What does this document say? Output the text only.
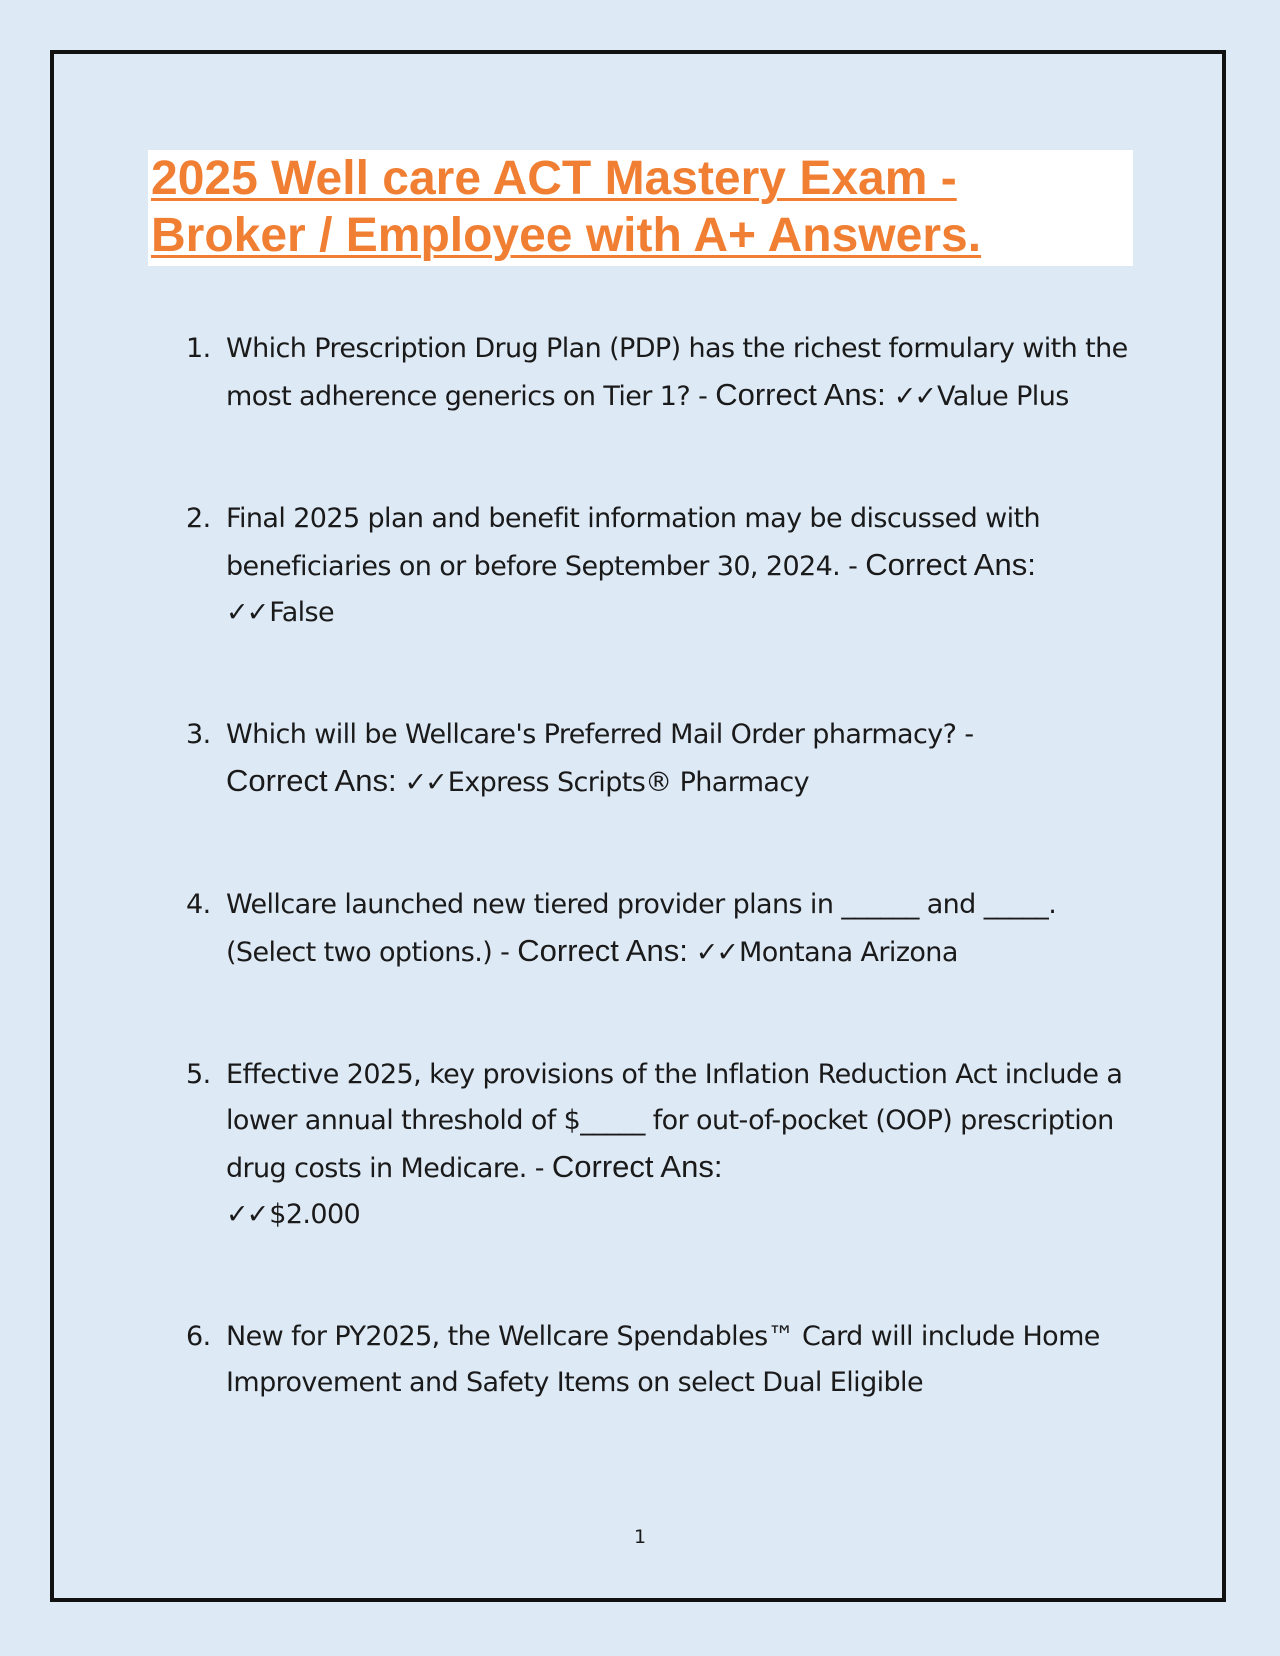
2025 Well care ACT Mastery Exam -
Broker / Employee with A+ Answers.
1. Which Prescription Drug Plan (PDP) has the richest formulary with the most adherence generics on Tier 1? - Correct Ans: ✓✓Value Plus
2. Final 2025 plan and benefit information may be discussed with beneficiaries on or before September 30, 2024. - Correct Ans:
✓✓False
3. Which will be Wellcare's Preferred Mail Order pharmacy? -
Correct Ans: ✓✓Express Scripts® Pharmacy
4. Wellcare launched new tiered provider plans in ______ and _____. (Select two options.) - Correct Ans: ✓✓Montana Arizona
5. Effective 2025, key provisions of the Inflation Reduction Act include a lower annual threshold of $_____ for out-of-pocket (OOP) prescription drug costs in Medicare. - Correct Ans:
✓✓$2.000
6. New for PY2025, the Wellcare Spendables™ Card will include Home Improvement and Safety Items on select Dual Eligible
1
